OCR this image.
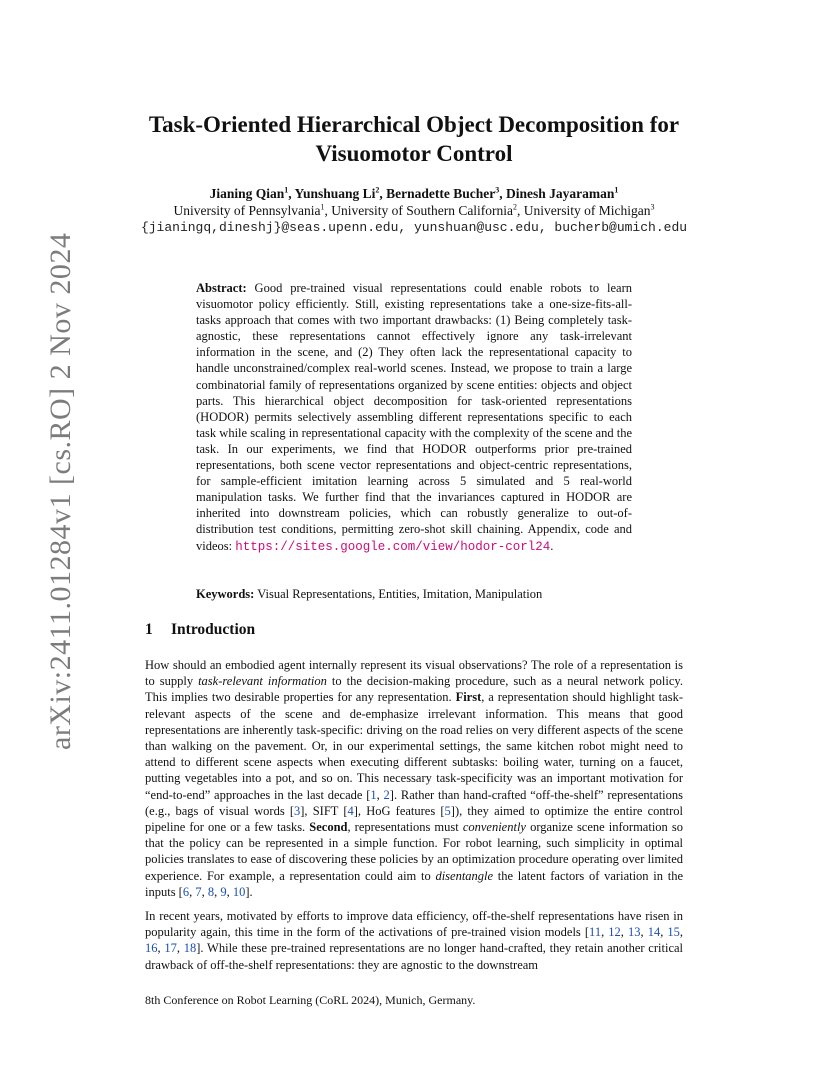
arXiv:2411.01284v1 [cs.RO] 2 Nov 2024
Task-Oriented Hierarchical Object Decomposition for
Visuomotor Control
Jianing Qian$^1$, Yunshuang Li$^2$, Bernadette Bucher$^3$, Dinesh Jayaraman$^1$
University of Pennsylvania$^1$, University of Southern California$^2$, University of Michigan$^3$
{jianingq,dineshj}@seas.upenn.edu, yunshuan@usc.edu, bucherb@umich.edu
Abstract: Good pre-trained visual representations could enable robots to learn visuomotor policy efficiently. Still, existing representations take a one-size-fits-all-tasks approach that comes with two important drawbacks: (1) Being completely task-agnostic, these representations cannot effectively ignore any task-irrelevant information in the scene, and (2) They often lack the representational capacity to handle unconstrained/complex real-world scenes. Instead, we propose to train a large combinatorial family of representations organized by scene entities: objects and object parts. This hierarchical object decomposition for task-oriented representations (HODOR) permits selectively assembling different representations specific to each task while scaling in representational capacity with the complexity of the scene and the task. In our experiments, we find that HODOR outperforms prior pre-trained representations, both scene vector representations and object-centric representations, for sample-efficient imitation learning across 5 simulated and 5 real-world manipulation tasks. We further find that the invariances captured in HODOR are inherited into downstream policies, which can robustly generalize to out-of-distribution test conditions, permitting zero-shot skill chaining. Appendix, code and videos: https://sites.google.com/view/hodor-corl24.
Keywords: Visual Representations, Entities, Imitation, Manipulation
1 Introduction
How should an embodied agent internally represent its visual observations? The role of a representation is to supply task-relevant information to the decision-making procedure, such as a neural network policy. This implies two desirable properties for any representation. First, a representation should highlight task-relevant aspects of the scene and de-emphasize irrelevant information. This means that good representations are inherently task-specific: driving on the road relies on very different aspects of the scene than walking on the pavement. Or, in our experimental settings, the same kitchen robot might need to attend to different scene aspects when executing different subtasks: boiling water, turning on a faucet, putting vegetables into a pot, and so on. This necessary task-specificity was an important motivation for “end-to-end” approaches in the last decade [1, 2]. Rather than hand-crafted “off-the-shelf” representations (e.g., bags of visual words [3], SIFT [4], HoG features [5]), they aimed to optimize the entire control pipeline for one or a few tasks. Second, representations must conveniently organize scene information so that the policy can be represented in a simple function. For robot learning, such simplicity in optimal policies translates to ease of discovering these policies by an optimization procedure operating over limited experience. For example, a representation could aim to disentangle the latent factors of variation in the inputs [6, 7, 8, 9, 10].
In recent years, motivated by efforts to improve data efficiency, off-the-shelf representations have risen in popularity again, this time in the form of the activations of pre-trained vision models [11, 12, 13, 14, 15, 16, 17, 18]. While these pre-trained representations are no longer hand-crafted, they retain another critical drawback of off-the-shelf representations: they are agnostic to the downstream
8th Conference on Robot Learning (CoRL 2024), Munich, Germany.
